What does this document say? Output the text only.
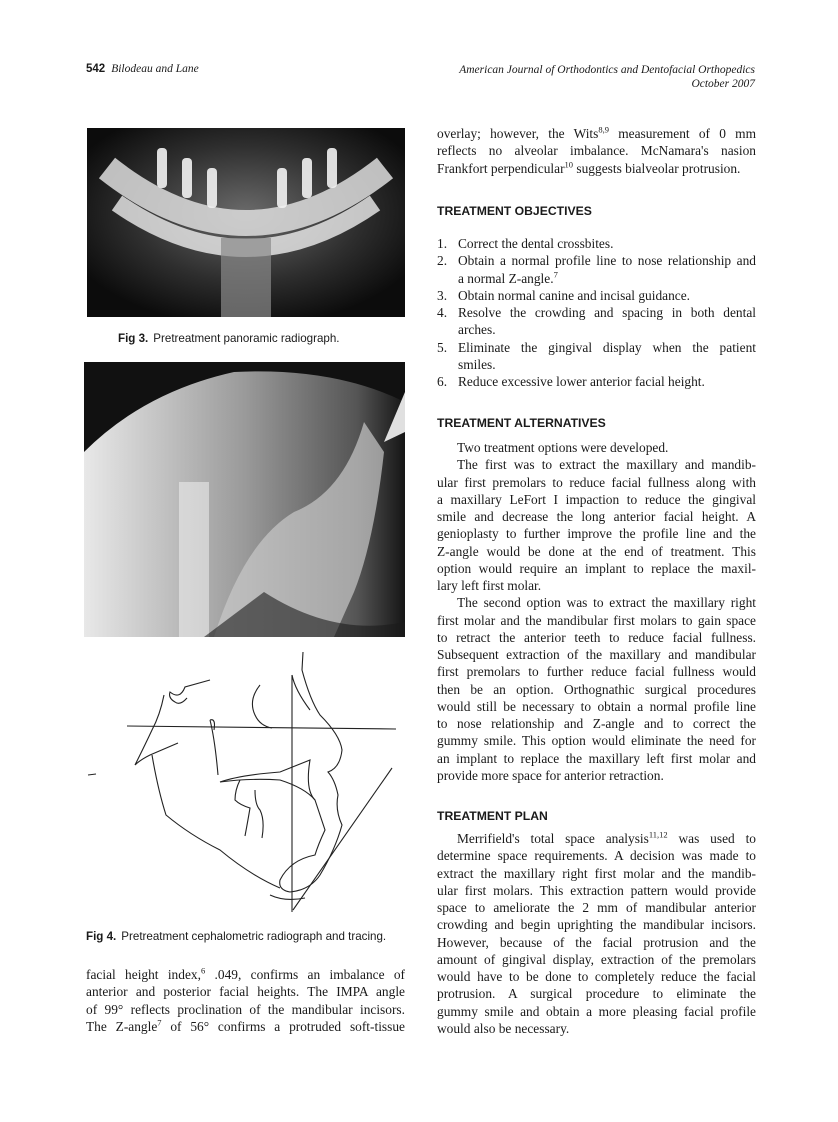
542 Bilodeau and Lane	American Journal of Orthodontics and Dentofacial Orthopedics
October 2007
Fig 3. Pretreatment panoramic radiograph.
Fig 4. Pretreatment cephalometric radiograph and tracing.
facial height index,$^6$ .049, confirms an imbalance of
anterior and posterior facial heights. The IMPA angle
of 99° reflects proclination of the mandibular incisors.
The Z-angle$^7$ of 56° confirms a protruded soft-tissue
overlay; however, the Wits$^{8,9}$ measurement of 0 mm
reflects no alveolar imbalance. McNamara's nasion
Frankfort perpendicular$^{10}$ suggests bialveolar protrusion.
TREATMENT OBJECTIVES
1. Correct the dental crossbites.
2. Obtain a normal profile line to nose relationship and
a normal Z-angle.$^7$
3. Obtain normal canine and incisal guidance.
4. Resolve the crowding and spacing in both dental
arches.
5. Eliminate the gingival display when the patient
smiles.
6. Reduce excessive lower anterior facial height.
TREATMENT ALTERNATIVES
Two treatment options were developed.
The first was to extract the maxillary and mandib-
ular first premolars to reduce facial fullness along with
a maxillary LeFort I impaction to reduce the gingival
smile and decrease the long anterior facial height. A
genioplasty to further improve the profile line and the
Z-angle would be done at the end of treatment. This
option would require an implant to replace the maxil-
lary left first molar.
The second option was to extract the maxillary right
first molar and the mandibular first molars to gain space
to retract the anterior teeth to reduce facial fullness.
Subsequent extraction of the maxillary and mandibular
first premolars to further reduce facial fullness would
then be an option. Orthognathic surgical procedures
would still be necessary to obtain a normal profile line
to nose relationship and Z-angle and to correct the
gummy smile. This option would eliminate the need for
an implant to replace the maxillary left first molar and
provide more space for anterior retraction.
TREATMENT PLAN
Merrifield's total space analysis$^{11,12}$ was used to
determine space requirements. A decision was made to
extract the maxillary right first molar and the mandib-
ular first molars. This extraction pattern would provide
space to ameliorate the 2 mm of mandibular anterior
crowding and begin uprighting the mandibular incisors.
However, because of the facial protrusion and the
amount of gingival display, extraction of the premolars
would have to be done to completely reduce the facial
protrusion. A surgical procedure to eliminate the
gummy smile and obtain a more pleasing facial profile
would also be necessary.
